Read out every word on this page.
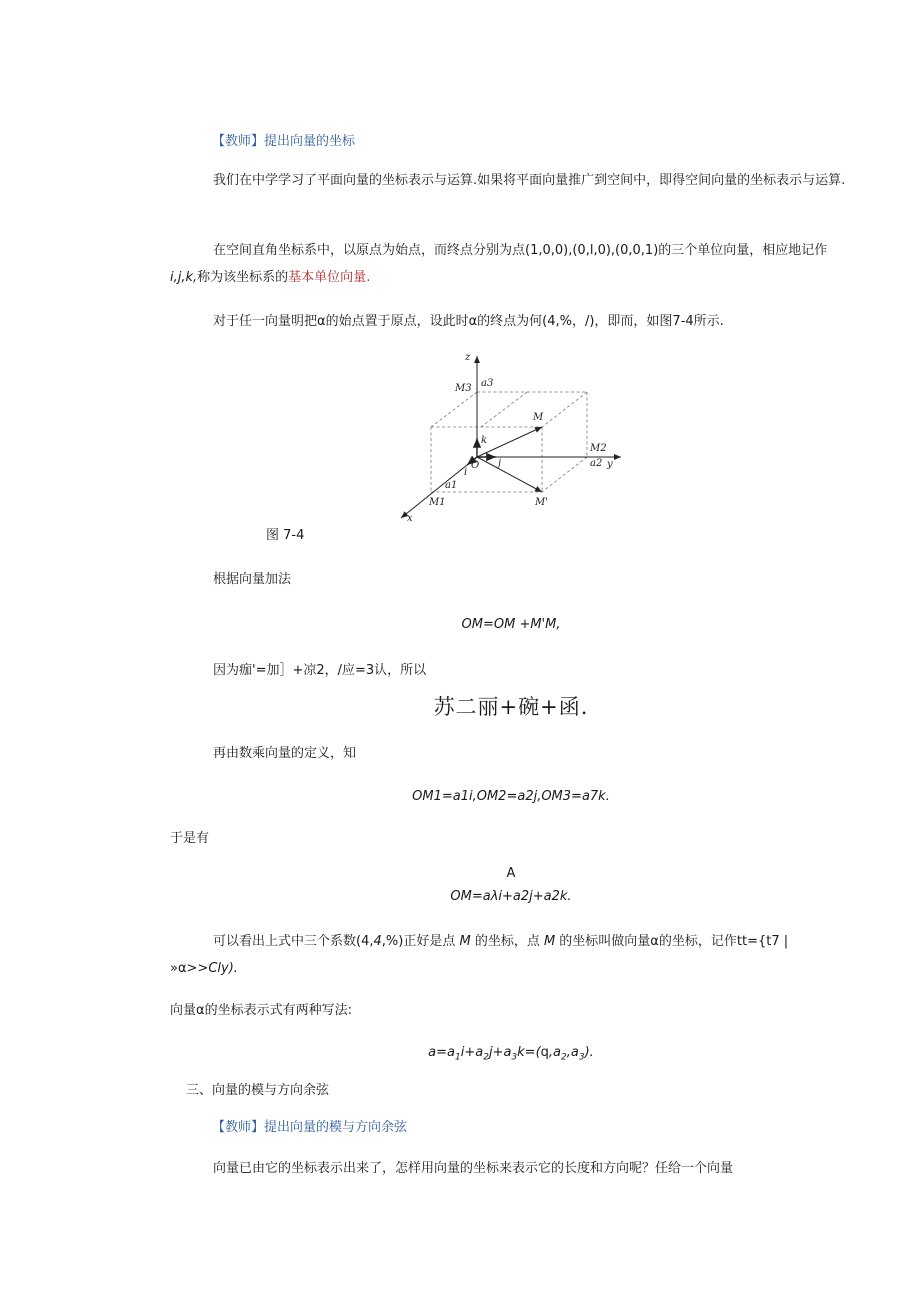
【教师】提出向量的坐标
我们在中学学习了平面向量的坐标表示与运算.如果将平面向量推广到空间中，即得空间向量的坐标表示与运算.
在空间直角坐标系中，以原点为始点，而终点分别为点(1,0,0),(0,l,0),(0,0,1)的三个单位向量，相应地记作 i,j,k,称为该坐标系的基本单位向量.
对于任一向量明把α的始点置于原点，设此时α的终点为何(4,%，/)，即而，如图7-4所示.
z
a3
M3
M
k
O
i
j
M2
a2 y
a1
M1	M'
x
图 7-4
根据向量加法
OM=OM +M'M,
因为痂'=加］+凉2，/应=3认，所以
苏二丽+碗+函.
再由数乘向量的定义，知
OM1=a1i,OM2=a2j,OM3=a7k.
于是有
A
OM=aλi+a2j+a2k.
可以看出上式中三个系数(4,4,%)正好是点 M 的坐标，点 M 的坐标叫做向量α的坐标，记作tt={t7 | »α>>Cly).
向量α的坐标表示式有两种写法:
$a=a_1i+a_2j+a_3k=(q,a_2,a_3)$.
三、向量的模与方向余弦
【教师】提出向量的模与方向余弦
向量已由它的坐标表示出来了，怎样用向量的坐标来表示它的长度和方向呢？任给一个向量
